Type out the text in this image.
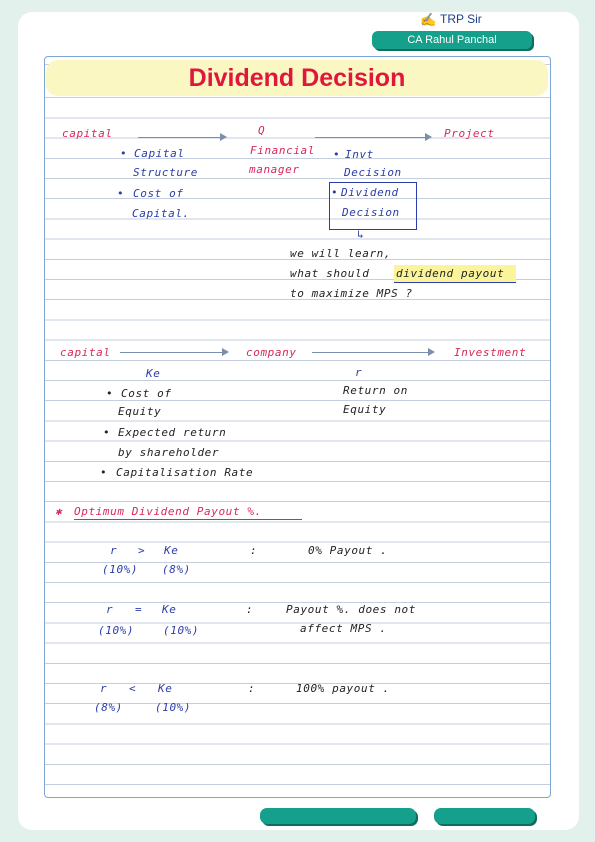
✍ TRP Sir
CA Rahul Panchal
Dividend Decision
capital	Q
Financial
manager
Project
• Capital
Structure
• Cost of
Capital.
• Invt
Decision
• Dividend
Decision
↳
we will learn,
what should dividend payout
to maximize MPS ?
capital	company	Investment
Ke
• Cost of
Equity
• Expected return
by shareholder
• Capitalisation Rate
r
Return on
Equity
✱ Optimum Dividend Payout %.
r > Ke	:	0% Payout .
(10%) (8%)
r = Ke	:	Payout %. does not
affect MPS .
(10%)	(10%)
r < Ke	:	100% payout .
(8%)	(10%)
